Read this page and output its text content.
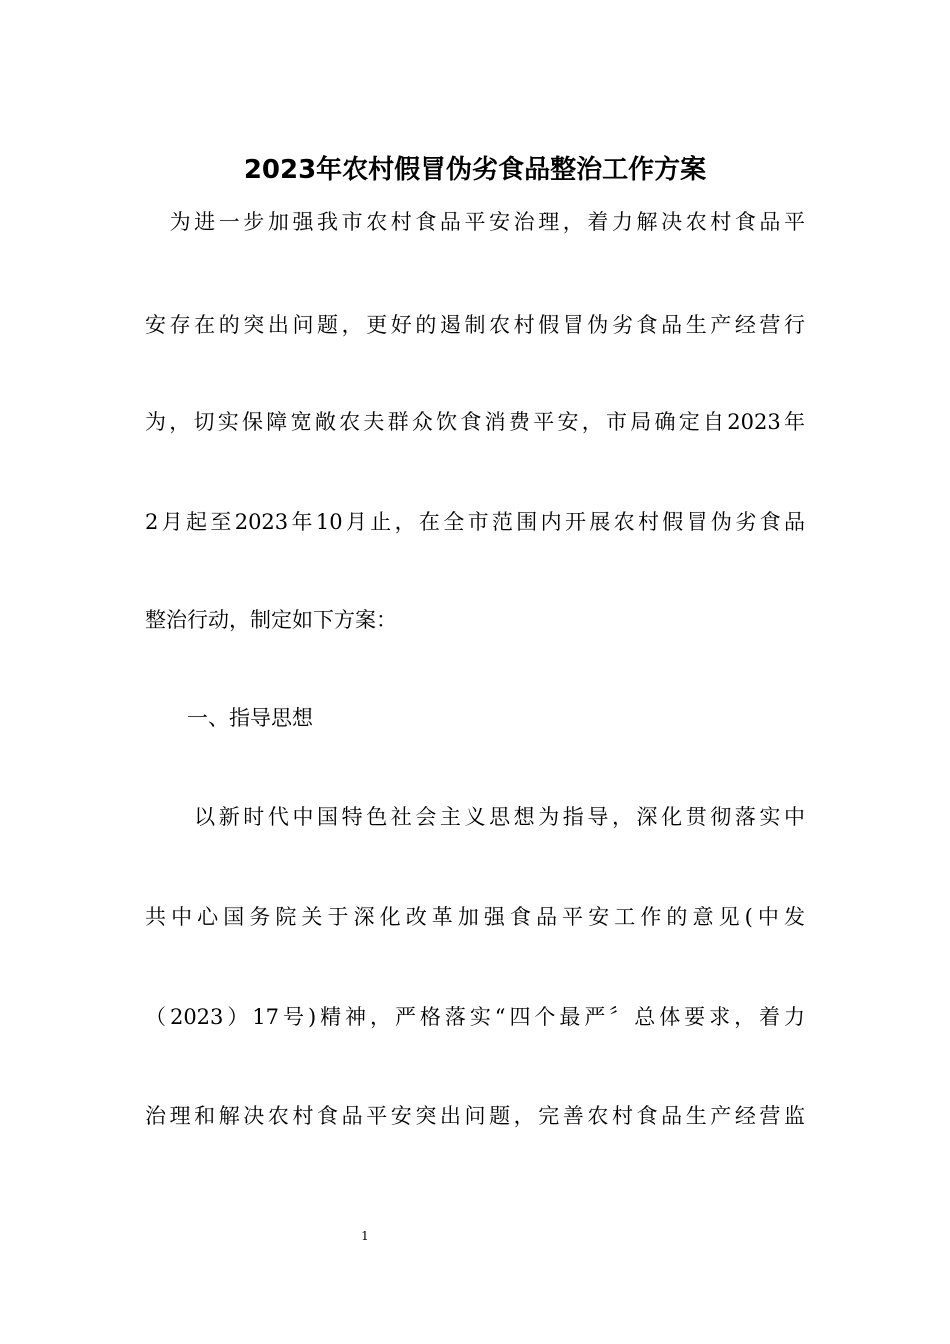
2023年农村假冒伪劣食品整治工作方案
　为进一步加强我市农村食品平安治理，着力解决农村食品平
安存在的突出问题，更好的遏制农村假冒伪劣食品生产经营行
为，切实保障宽敞农夫群众饮食消费平安，市局确定自2023年
2月起至2023年10月止，在全市范围内开展农村假冒伪劣食品
整治行动，制定如下方案：
　　一、指导思想
　　以新时代中国特色社会主义思想为指导，深化贯彻落实中
共中心国务院关于深化改革加强食品平安工作的意见(中发
（2023）17号)精神，严格落实“四个最严〞总体要求，着力
治理和解决农村食品平安突出问题，完善农村食品生产经营监
1
